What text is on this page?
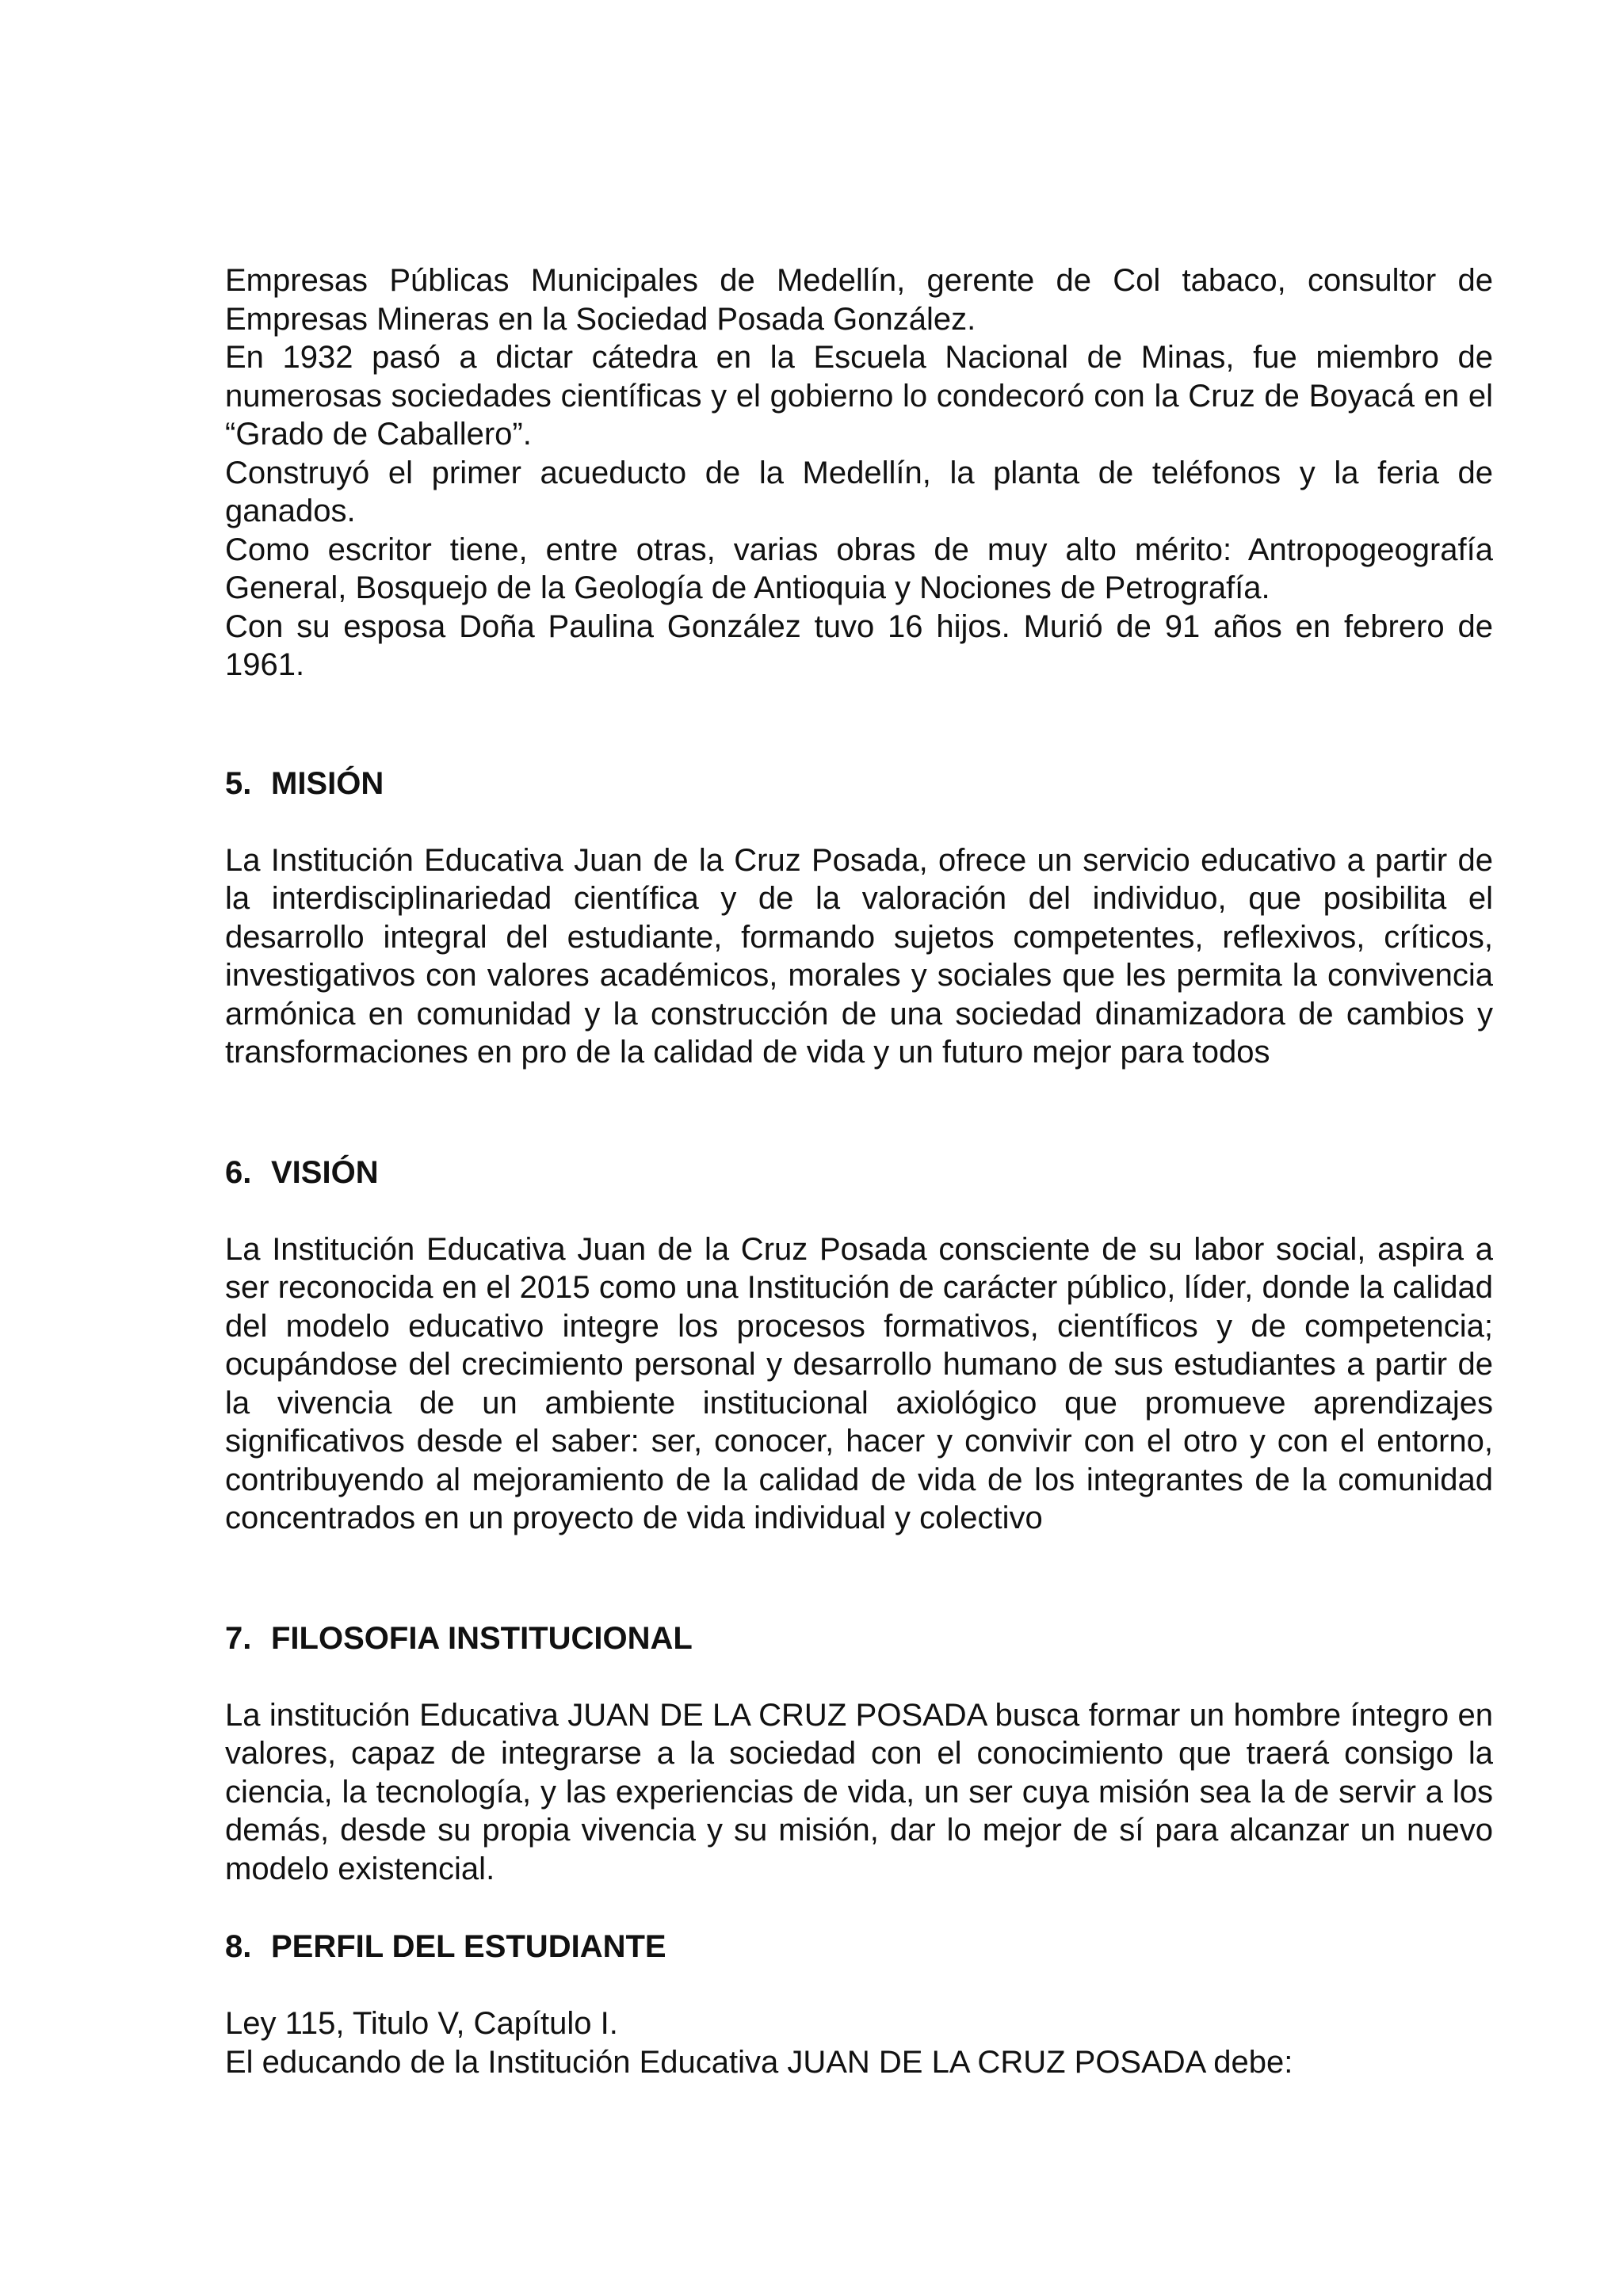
Empresas Públicas Municipales de Medellín, gerente de Col tabaco, consultor de Empresas Mineras en la Sociedad Posada González.

En 1932 pasó a dictar cátedra en la Escuela Nacional de Minas, fue miembro de numerosas sociedades científicas y el gobierno lo condecoró con la Cruz de Boyacá en el “Grado de Caballero”.

Construyó el primer acueducto de la Medellín, la planta de teléfonos y la feria de ganados.

Como escritor tiene, entre otras, varias obras de muy alto mérito: Antropogeografía General, Bosquejo de la Geología de Antioquia y Nociones de Petrografía.

Con su esposa Doña Paulina González tuvo 16 hijos. Murió de 91 años en febrero de 1961.

5. MISIÓN

La Institución Educativa Juan de la Cruz Posada, ofrece un servicio educativo a partir de la interdisciplinariedad científica y de la valoración del individuo, que posibilita el desarrollo integral del estudiante, formando sujetos competentes, reflexivos, críticos, investigativos con valores académicos, morales y sociales que les permita la convivencia armónica en comunidad y la construcción de una sociedad dinamizadora de cambios y transformaciones en pro de la calidad de vida y un futuro mejor para todos

6. VISIÓN

La Institución Educativa Juan de la Cruz Posada consciente de su labor social, aspira a ser reconocida en el 2015 como una Institución de carácter público, líder, donde la calidad del modelo educativo integre los procesos formativos, científicos y de competencia; ocupándose del crecimiento personal y desarrollo humano de sus estudiantes a partir de la vivencia de un ambiente institucional axiológico que promueve aprendizajes significativos desde el saber: ser, conocer, hacer y convivir con el otro y con el entorno, contribuyendo al mejoramiento de la calidad de vida de los integrantes de la comunidad concentrados en un proyecto de vida individual y colectivo

7. FILOSOFIA INSTITUCIONAL

La institución Educativa JUAN DE LA CRUZ POSADA busca formar un hombre íntegro en valores, capaz de integrarse a la sociedad con el conocimiento que traerá consigo la ciencia, la tecnología, y las experiencias de vida, un ser cuya misión sea la de servir a los demás, desde su propia vivencia y su misión, dar lo mejor de sí para alcanzar un nuevo modelo existencial.

8. PERFIL DEL ESTUDIANTE

Ley 115, Titulo V, Capítulo I.

El educando de la Institución Educativa JUAN DE LA CRUZ POSADA debe:
